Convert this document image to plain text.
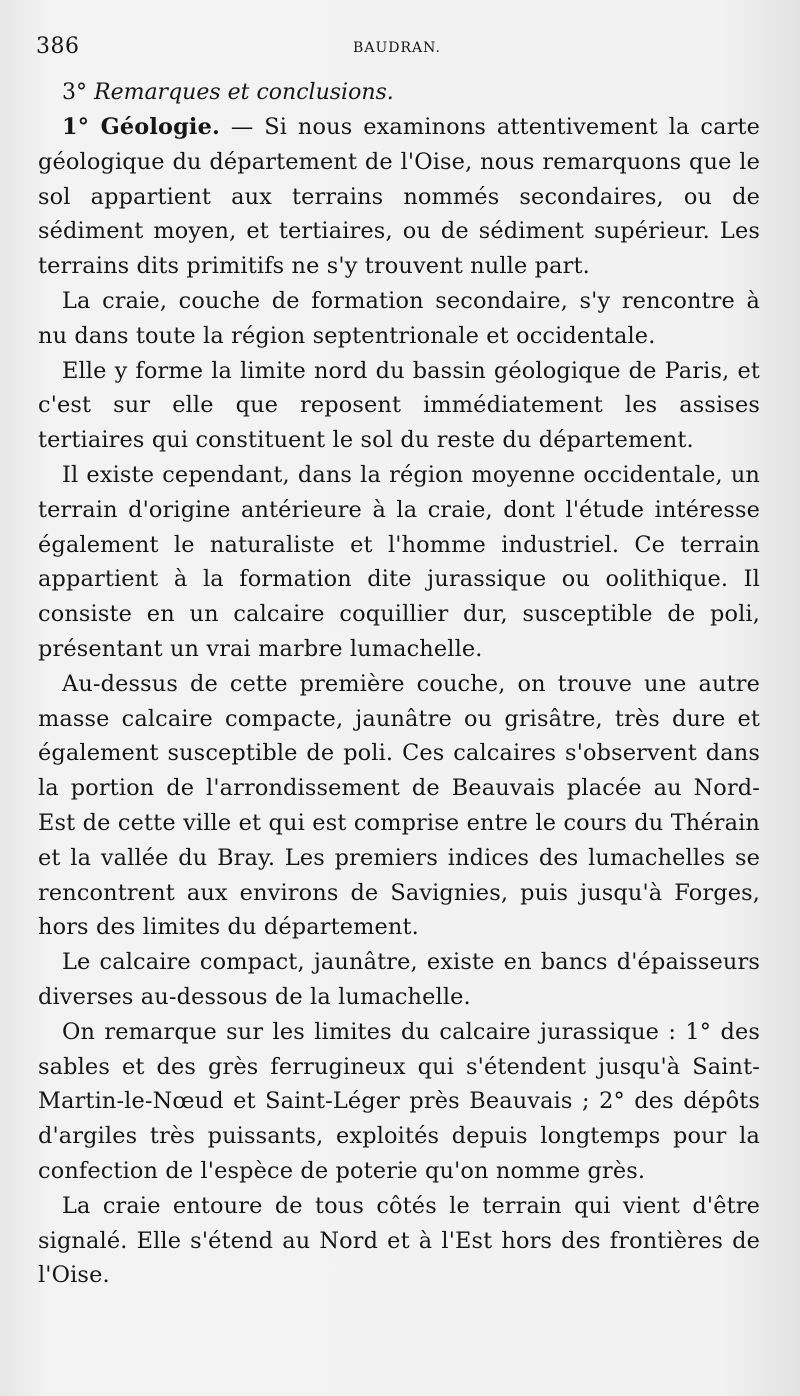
386	BAUDRAN.
3° Remarques et conclusions.

1° Géologie. — Si nous examinons attentivement la carte géologique du département de l'Oise, nous remarquons que le sol appartient aux terrains nommés secondaires, ou de sédiment moyen, et tertiaires, ou de sédiment supérieur. Les terrains dits primitifs ne s'y trouvent nulle part.

La craie, couche de formation secondaire, s'y rencontre à nu dans toute la région septentrionale et occidentale.

Elle y forme la limite nord du bassin géologique de Paris, et c'est sur elle que reposent immédiatement les assises tertiaires qui constituent le sol du reste du département.

Il existe cependant, dans la région moyenne occidentale, un terrain d'origine antérieure à la craie, dont l'étude intéresse également le naturaliste et l'homme industriel. Ce terrain appartient à la formation dite jurassique ou oolithique. Il consiste en un calcaire coquillier dur, susceptible de poli, présentant un vrai marbre lumachelle.

Au-dessus de cette première couche, on trouve une autre masse calcaire compacte, jaunâtre ou grisâtre, très dure et également susceptible de poli. Ces calcaires s'observent dans la portion de l'arrondissement de Beauvais placée au Nord-Est de cette ville et qui est comprise entre le cours du Thérain et la vallée du Bray. Les premiers indices des lumachelles se rencontrent aux environs de Savignies, puis jusqu'à Forges, hors des limites du département.

Le calcaire compact, jaunâtre, existe en bancs d'épaisseurs diverses au-dessous de la lumachelle.

On remarque sur les limites du calcaire jurassique : 1° des sables et des grès ferrugineux qui s'étendent jusqu'à Saint-Martin-le-Nœud et Saint-Léger près Beauvais ; 2° des dépôts d'argiles très puissants, exploités depuis longtemps pour la confection de l'espèce de poterie qu'on nomme grès.

La craie entoure de tous côtés le terrain qui vient d'être signalé. Elle s'étend au Nord et à l'Est hors des frontières de l'Oise.
